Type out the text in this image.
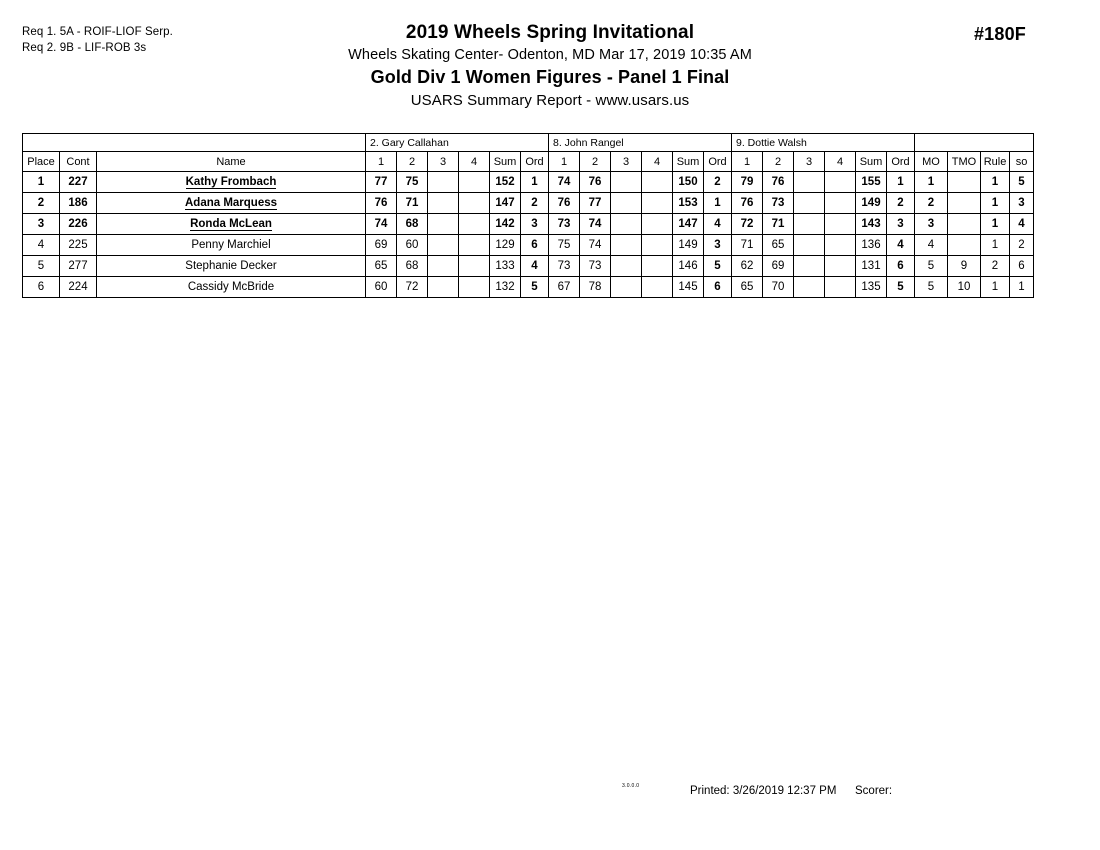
Req 1. 5A - ROIF-LIOF Serp.
Req 2. 9B - LIF-ROB 3s
#180F
2019 Wheels Spring Invitational
Wheels Skating Center- Odenton, MD Mar 17, 2019 10:35 AM
Gold Div 1 Women Figures - Panel 1 Final
USARS Summary Report - www.usars.us
			2. Gary Callahan						8. John Rangel						9. Dottie Walsh									
Place	Cont	Name	1	2	3	4	Sum	Ord	1	2	3	4	Sum	Ord	1	2	3	4	Sum	Ord	MO	TMO	Rule	so
1	227	Kathy Frombach	77	75			152	1	74	76			150	2	79	76			155	1	1		1	5
2	186	Adana Marquess	76	71			147	2	76	77			153	1	76	73			149	2	2		1	3
3	226	Ronda McLean	74	68			142	3	73	74			147	4	72	71			143	3	3		1	4
4	225	Penny Marchiel	69	60			129	6	75	74			149	3	71	65			136	4	4		1	2
5	277	Stephanie Decker	65	68			133	4	73	73			146	5	62	69			131	6	5	9	2	6
6	224	Cassidy McBride	60	72			132	5	67	78			145	6	65	70			135	5	5	10	1	1
3.0.0.0	Printed: 3/26/2019 12:37 PM Scorer:
